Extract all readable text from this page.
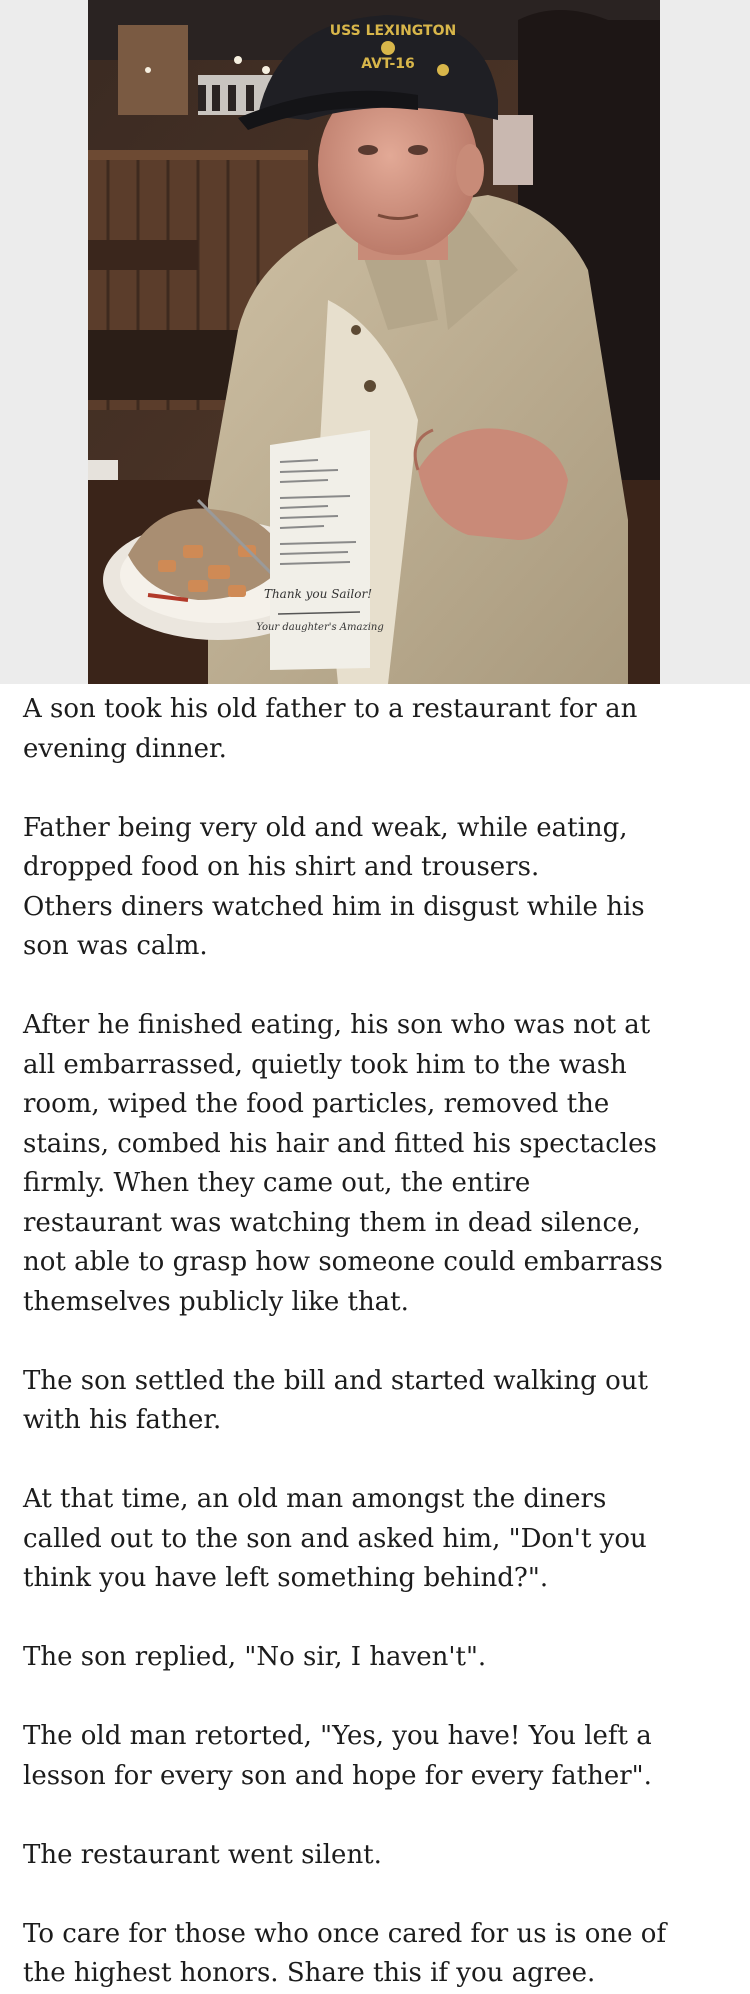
USS LEXINGTON
AVT-16
Thank you Sailor!
Your daughter's Amazing

A son took his old father to a restaurant for an
evening dinner.

Father being very old and weak, while eating,
dropped food on his shirt and trousers.
Others diners watched him in disgust while his
son was calm.

After he finished eating, his son who was not at
all embarrassed, quietly took him to the wash
room, wiped the food particles, removed the
stains, combed his hair and fitted his spectacles
firmly. When they came out, the entire
restaurant was watching them in dead silence,
not able to grasp how someone could embarrass
themselves publicly like that.

The son settled the bill and started walking out
with his father.

At that time, an old man amongst the diners
called out to the son and asked him, "Don't you
think you have left something behind?".

The son replied, "No sir, I haven't".

The old man retorted, "Yes, you have! You left a
lesson for every son and hope for every father".

The restaurant went silent.

To care for those who once cared for us is one of
the highest honors. Share this if you agree.
